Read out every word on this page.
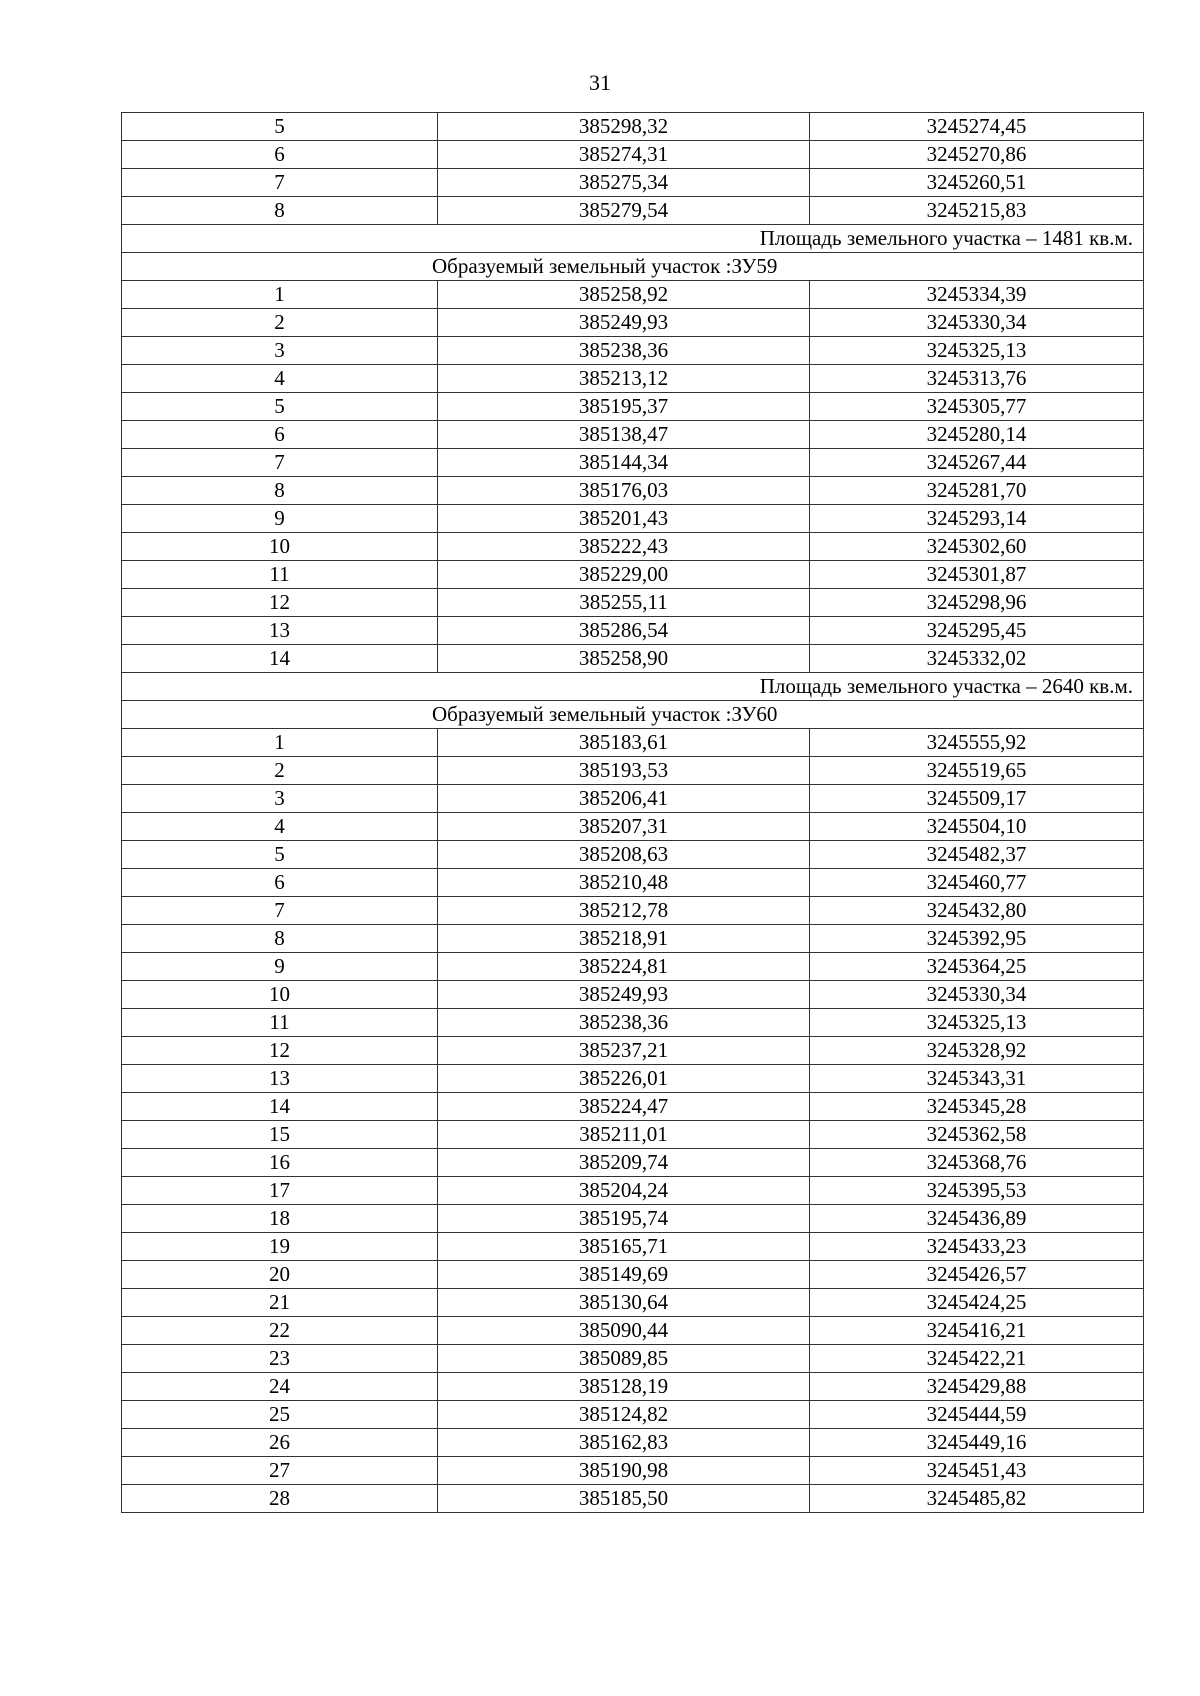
31
5	385298,32	3245274,45
6	385274,31	3245270,86
7	385275,34	3245260,51
8	385279,54	3245215,83
Площадь земельного участка – 1481 кв.м.		
Образуемый земельный участок :ЗУ59		
1	385258,92	3245334,39
2	385249,93	3245330,34
3	385238,36	3245325,13
4	385213,12	3245313,76
5	385195,37	3245305,77
6	385138,47	3245280,14
7	385144,34	3245267,44
8	385176,03	3245281,70
9	385201,43	3245293,14
10	385222,43	3245302,60
11	385229,00	3245301,87
12	385255,11	3245298,96
13	385286,54	3245295,45
14	385258,90	3245332,02
Площадь земельного участка – 2640 кв.м.		
Образуемый земельный участок :ЗУ60		
1	385183,61	3245555,92
2	385193,53	3245519,65
3	385206,41	3245509,17
4	385207,31	3245504,10
5	385208,63	3245482,37
6	385210,48	3245460,77
7	385212,78	3245432,80
8	385218,91	3245392,95
9	385224,81	3245364,25
10	385249,93	3245330,34
11	385238,36	3245325,13
12	385237,21	3245328,92
13	385226,01	3245343,31
14	385224,47	3245345,28
15	385211,01	3245362,58
16	385209,74	3245368,76
17	385204,24	3245395,53
18	385195,74	3245436,89
19	385165,71	3245433,23
20	385149,69	3245426,57
21	385130,64	3245424,25
22	385090,44	3245416,21
23	385089,85	3245422,21
24	385128,19	3245429,88
25	385124,82	3245444,59
26	385162,83	3245449,16
27	385190,98	3245451,43
28	385185,50	3245485,82
